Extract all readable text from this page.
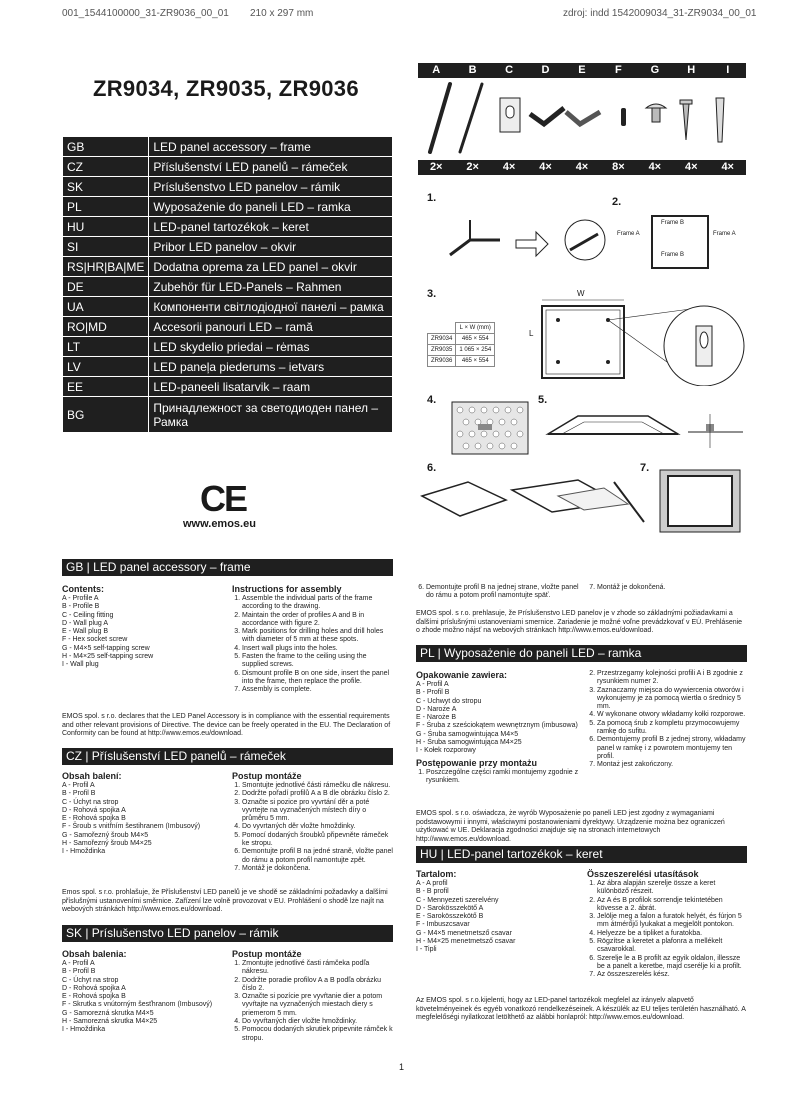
001_1544100000_31-ZR9036_00_01 210 x 297 mm	zdroj: indd 1542009034_31-ZR9034_00_01
ZR9034, ZR9035, ZR9036
GB	LED panel accessory – frame
CZ	Příslušenství LED panelů – rámeček
SK	Príslušenstvo LED panelov – rámik
PL	Wyposażenie do paneli LED – ramka
HU	LED-panel tartozékok – keret
SI	Pribor LED panelov – okvir
RS|HR|BA|ME	Dodatna oprema za LED panel – okvir
DE	Zubehör für LED-Panels – Rahmen
UA	Компоненти світлодіодної панелі – рамка
RO|MD	Accesorii panouri LED – ramă
LT	LED skydelio priedai – rėmas
LV	LED paneļa piederums – ietvars
EE	LED-paneeli lisatarvik – raam
BG	Принадлежност за светодиоден панел – Рамка
CE
www.emos.eu
A	B	C	D	E	F	G	H	I
2×	2×	4×	4×	4×	8×	4×	4×	4×
1.	2.
Frame A	Frame A
Frame B
Frame B
3.
	L × W (mm)
ZR9034	465 × 554
ZR9035	1 065 × 254
ZR9036	465 × 554
W
L
4.	5.
6.	7.
GB | LED panel accessory – frame
Contents:
A - Profile A
B - Profile B
C - Ceiling fitting
D - Wall plug A
E - Wall plug B
F - Hex socket screw
G - M4×5 self-tapping screw
H - M4×25 self-tapping screw
I - Wall plug
Instructions for assembly
1. Assemble the individual parts of the frame according to the drawing.
2. Maintain the order of profiles A and B in accordance with figure 2.
3. Mark positions for drilling holes and drill holes with diameter of 5 mm at these spots.
4. Insert wall plugs into the holes.
5. Fasten the frame to the ceiling using the supplied screws.
6. Dismount profile B on one side, insert the panel into the frame, then replace the profile.
7. Assembly is complete.
EMOS spol. s r.o. declares that the LED Panel Accessory is in compliance with the essential requirements and other relevant provisions of Directive. The device can be freely operated in the EU. The Declaration of Conformity can be found at http://www.emos.eu/download.
CZ | Příslušenství LED panelů – rámeček
Obsah balení:
A - Profil A
B - Profil B
C - Úchyt na strop
D - Rohová spojka A
E - Rohová spojka B
F - Šroub s vnitřním šestihranem (Imbusový)
G - Samořezný šroub M4×5
H - Samořezný šroub M4×25
I - Hmoždinka
Postup montáže
1. Smontujte jednotlivé části rámečku dle nákresu.
2. Dodržte pořadí profilů A a B dle obrázku číslo 2.
3. Označte si pozice pro vyvrtání děr a poté vyvrtejte na vyznačených místech díry o průměru 5 mm.
4. Do vyvrtaných děr vložte hmoždinky.
5. Pomocí dodaných šroubků připevněte rámeček ke stropu.
6. Demontujte profil B na jedné straně, vložte panel do rámu a potom profil namontujte zpět.
7. Montáž je dokončena.
Emos spol. s r.o. prohlašuje, že Příslušenství LED panelů je ve shodě se základními požadavky a dalšími příslušnými ustanoveními směrnice. Zařízení lze volně provozovat v EU. Prohlášení o shodě lze najít na webových stránkách http://www.emos.eu/download.
SK | Príslušenstvo LED panelov – rámik
Obsah balenia:
A - Profil A
B - Profil B
C - Úchyt na strop
D - Rohová spojka A
E - Rohová spojka B
F - Skrutka s vnútorným šesťhranom (Imbusový)
G - Samorezná skrutka M4×5
H - Samorezná skrutka M4×25
I - Hmoždinka
Postup montáže
1. Zmontujte jednotlivé časti rámčeka podľa nákresu.
2. Dodržte poradie profilov A a B podľa obrázku číslo 2.
3. Označte si pozície pre vyvŕtanie dier a potom vyvŕtajte na vyznačených miestach diery s priemerom 5 mm.
4. Do vyvŕtaných dier vložte hmoždinky.
5. Pomocou dodaných skrutiek pripevnite rámček k stropu.
6. Demontujte profil B na jednej strane, vložte panel do rámu a potom profil namontujte späť.
7. Montáž je dokončená.
EMOS spol. s r.o. prehlasuje, že Príslušenstvo LED panelov je v zhode so základnými požiadavkami a ďalšími príslušnými ustanoveniami smernice. Zariadenie je možné voľne prevádzkovať v EÚ. Prehlásenie o zhode možno nájsť na webových stránkach http://www.emos.eu/download.
PL | Wyposażenie do paneli LED – ramka
Opakowanie zawiera:
A - Profil A
B - Profil B
C - Uchwyt do stropu
D - Narożе A
E - Narożе B
F - Śruba z sześciokątem wewnętrznym (imbusowa)
G - Śruba samogwintująca M4×5
H - Śruba samogwintująca M4×25
I - Kołek rozporowy
Postępowanie przy montażu
1. Poszczególne części ramki montujemy zgodnie z rysunkiem.
2. Przestrzegamy kolejności profili A i B zgodnie z rysunkiem numer 2.
3. Zaznaczamy miejsca do wywiercenia otworów i wykonujemy je za pomocą wiertła o średnicy 5 mm.
4. W wykonane otwory wkładamy kołki rozporowe.
5. Za pomocą śrub z kompletu przymocowujemy ramkę do sufitu.
6. Demontujemy profil B z jednej strony, wkładamy panel w ramkę i z powrotem montujemy ten profil.
7. Montaż jest zakończony.
EMOS spol. s r.o. oświadcza, że wyrób Wyposażenie po paneli LED jest zgodny z wymaganiami podstawowymi i innymi, właściwymi postanowieniami dyrektywy. Urządzenie można bez ograniczeń użytkować w UE. Deklaracja zgodności znajduje się na stronach internetowych http://www.emos.eu/download.
HU | LED-panel tartozékok – keret
Tartalom:
A - A profil
B - B profil
C - Mennyezeti szerelvény
D - Sarokösszekötő A
E - Sarokösszekötő B
F - Imbuszcsavar
G - M4×5 menetmetsző csavar
H - M4×25 menetmetsző csavar
I - Tipli
Összeszerelési utasítások
1. Az ábra alapján szerelje össze a keret különböző részeit.
2. Az A és B profilok sorrendje tekintetében kövesse a 2. ábrát.
3. Jelölje meg a falon a furatok helyét, és fúrjon 5 mm átmérőjű lyukakat a megjelölt pontokon.
4. Helyezze be a tipliket a furatokba.
5. Rögzítse a keretet a plafonra a mellékelt csavarokkal.
6. Szerelje le a B profilt az egyik oldalon, illessze be a panelt a keretbe, majd cserélje ki a profilt.
7. Az összeszerelés kész.
Az EMOS spol. s r.o.kijelenti, hogy az LED-panel tartozékok megfelel az irányelv alapvető követelményeinek és egyéb vonatkozó rendelkezéseinek. A készülék az EU teljes területén használható. A megfelelőségi nyilatkozat letölthető az alábbi honlapról: http://www.emos.eu/download.
1
